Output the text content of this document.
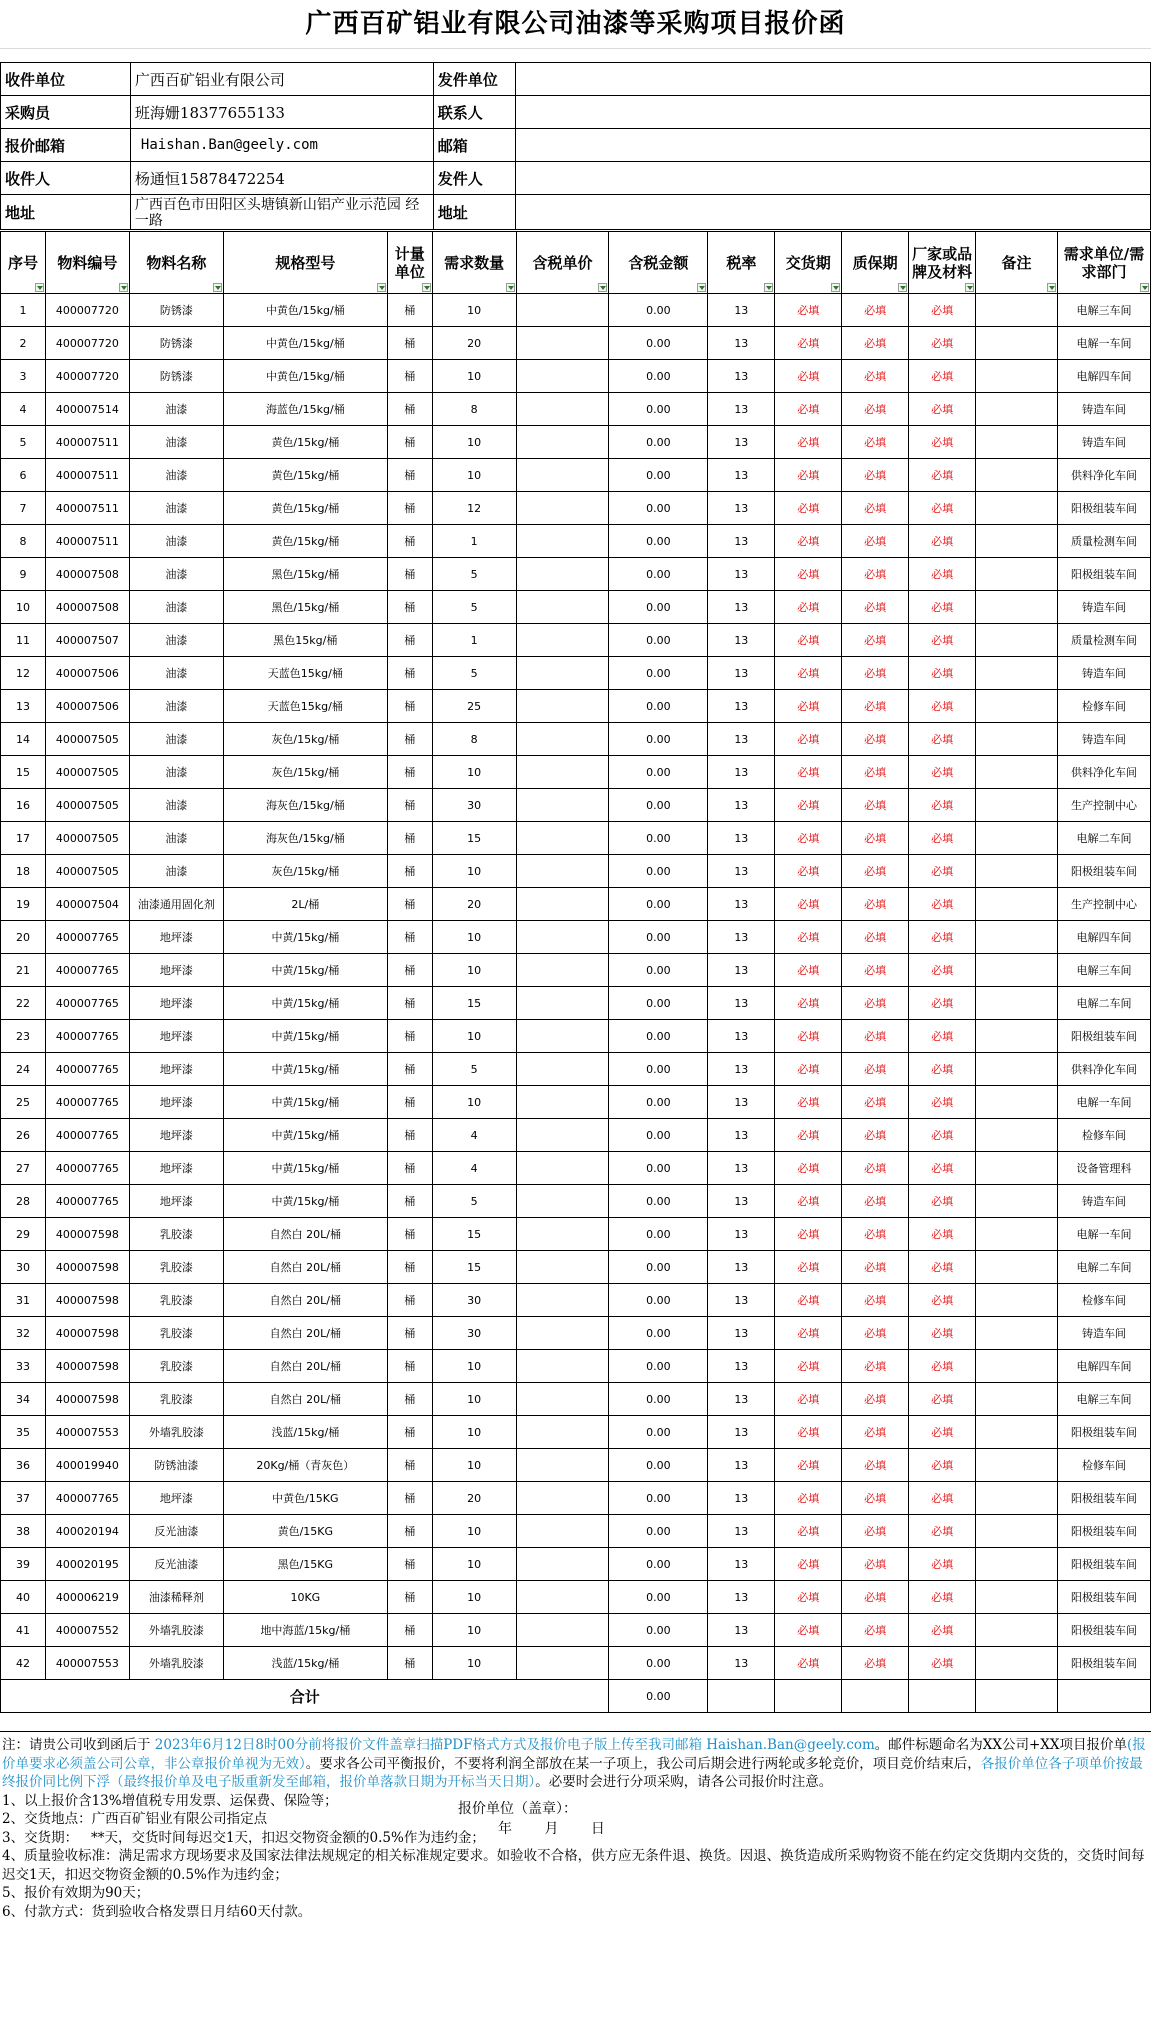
广西百矿铝业有限公司油漆等采购项目报价函
收件单位	广西百矿铝业有限公司	发件单位	
采购员	班海姗18377655133	联系人	
报价邮箱	Haishan.Ban@geely.com	邮箱	
收件人	杨通恒15878472254	发件人	
地址	广西百色市田阳区头塘镇新山铝产业示范园 经一路	地址	
序号	物料编号	物料名称	规格型号	计量单位	需求数量	含税单价	含税金额	税率	交货期	质保期	厂家或品牌及材料	备注	需求单位/需求部门

1	400007720	防锈漆	中黄色/15kg/桶	桶	10		0.00	13	必填	必填	必填		电解三车间
2	400007720	防锈漆	中黄色/15kg/桶	桶	20		0.00	13	必填	必填	必填		电解一车间
3	400007720	防锈漆	中黄色/15kg/桶	桶	10		0.00	13	必填	必填	必填		电解四车间
4	400007514	油漆	海蓝色/15kg/桶	桶	8		0.00	13	必填	必填	必填		铸造车间
5	400007511	油漆	黄色/15kg/桶	桶	10		0.00	13	必填	必填	必填		铸造车间
6	400007511	油漆	黄色/15kg/桶	桶	10		0.00	13	必填	必填	必填		供料净化车间
7	400007511	油漆	黄色/15kg/桶	桶	12		0.00	13	必填	必填	必填		阳极组装车间
8	400007511	油漆	黄色/15kg/桶	桶	1		0.00	13	必填	必填	必填		质量检测车间
9	400007508	油漆	黑色/15kg/桶	桶	5		0.00	13	必填	必填	必填		阳极组装车间
10	400007508	油漆	黑色/15kg/桶	桶	5		0.00	13	必填	必填	必填		铸造车间
11	400007507	油漆	黑色15kg/桶	桶	1		0.00	13	必填	必填	必填		质量检测车间
12	400007506	油漆	天蓝色15kg/桶	桶	5		0.00	13	必填	必填	必填		铸造车间
13	400007506	油漆	天蓝色15kg/桶	桶	25		0.00	13	必填	必填	必填		检修车间
14	400007505	油漆	灰色/15kg/桶	桶	8		0.00	13	必填	必填	必填		铸造车间
15	400007505	油漆	灰色/15kg/桶	桶	10		0.00	13	必填	必填	必填		供料净化车间
16	400007505	油漆	海灰色/15kg/桶	桶	30		0.00	13	必填	必填	必填		生产控制中心
17	400007505	油漆	海灰色/15kg/桶	桶	15		0.00	13	必填	必填	必填		电解二车间
18	400007505	油漆	灰色/15kg/桶	桶	10		0.00	13	必填	必填	必填		阳极组装车间
19	400007504	油漆通用固化剂	2L/桶	桶	20		0.00	13	必填	必填	必填		生产控制中心
20	400007765	地坪漆	中黄/15kg/桶	桶	10		0.00	13	必填	必填	必填		电解四车间
21	400007765	地坪漆	中黄/15kg/桶	桶	10		0.00	13	必填	必填	必填		电解三车间
22	400007765	地坪漆	中黄/15kg/桶	桶	15		0.00	13	必填	必填	必填		电解二车间
23	400007765	地坪漆	中黄/15kg/桶	桶	10		0.00	13	必填	必填	必填		阳极组装车间
24	400007765	地坪漆	中黄/15kg/桶	桶	5		0.00	13	必填	必填	必填		供料净化车间
25	400007765	地坪漆	中黄/15kg/桶	桶	10		0.00	13	必填	必填	必填		电解一车间
26	400007765	地坪漆	中黄/15kg/桶	桶	4		0.00	13	必填	必填	必填		检修车间
27	400007765	地坪漆	中黄/15kg/桶	桶	4		0.00	13	必填	必填	必填		设备管理科
28	400007765	地坪漆	中黄/15kg/桶	桶	5		0.00	13	必填	必填	必填		铸造车间
29	400007598	乳胶漆	自然白 20L/桶	桶	15		0.00	13	必填	必填	必填		电解一车间
30	400007598	乳胶漆	自然白 20L/桶	桶	15		0.00	13	必填	必填	必填		电解二车间
31	400007598	乳胶漆	自然白 20L/桶	桶	30		0.00	13	必填	必填	必填		检修车间
32	400007598	乳胶漆	自然白 20L/桶	桶	30		0.00	13	必填	必填	必填		铸造车间
33	400007598	乳胶漆	自然白 20L/桶	桶	10		0.00	13	必填	必填	必填		电解四车间
34	400007598	乳胶漆	自然白 20L/桶	桶	10		0.00	13	必填	必填	必填		电解三车间
35	400007553	外墙乳胶漆	浅蓝/15kg/桶	桶	10		0.00	13	必填	必填	必填		阳极组装车间
36	400019940	防锈油漆	20Kg/桶（青灰色）	桶	10		0.00	13	必填	必填	必填		检修车间
37	400007765	地坪漆	中黄色/15KG	桶	20		0.00	13	必填	必填	必填		阳极组装车间
38	400020194	反光油漆	黄色/15KG	桶	10		0.00	13	必填	必填	必填		阳极组装车间
39	400020195	反光油漆	黑色/15KG	桶	10		0.00	13	必填	必填	必填		阳极组装车间
40	400006219	油漆稀释剂	10KG	桶	10		0.00	13	必填	必填	必填		阳极组装车间
41	400007552	外墙乳胶漆	地中海蓝/15kg/桶	桶	10		0.00	13	必填	必填	必填		阳极组装车间
42	400007553	外墙乳胶漆	浅蓝/15kg/桶	桶	10		0.00	13	必填	必填	必填		阳极组装车间
合计							0.00						

注：请贵公司收到函后于 2023年6月12日8时00分前将报价文件盖章扫描PDF格式方式及报价电子版上传至我司邮箱 Haishan.Ban@geely.com。邮件标题命名为XX公司+XX项目报价单(报价单要求必须盖公司公章，非公章报价单视为无效）。要求各公司平衡报价，不要将利润全部放在某一子项上，我公司后期会进行两轮或多轮竞价，项目竞价结束后，各报价单位各子项单价按最终报价同比例下浮（最终报价单及电子版重新发至邮箱，报价单落款日期为开标当天日期）。必要时会进行分项采购，请各公司报价时注意。

1、以上报价含13%增值税专用发票、运保费、保险等；

2、交货地点：广西百矿铝业有限公司指定点

3、交货期：   **天，交货时间每迟交1天，扣迟交物资金额的0.5%作为违约金；

4、质量验收标准：满足需求方现场要求及国家法律法规规定的相关标准规定要求。如验收不合格，供方应无条件退、换货。因退、换货造成所采购物资不能在约定交货期内交货的，交货时间每迟交1天，扣迟交物资金额的0.5%作为违约金；

5、报价有效期为90天；

6、付款方式：货到验收合格发票日月结60天付款。

报价单位（盖章）：
年 月 日
